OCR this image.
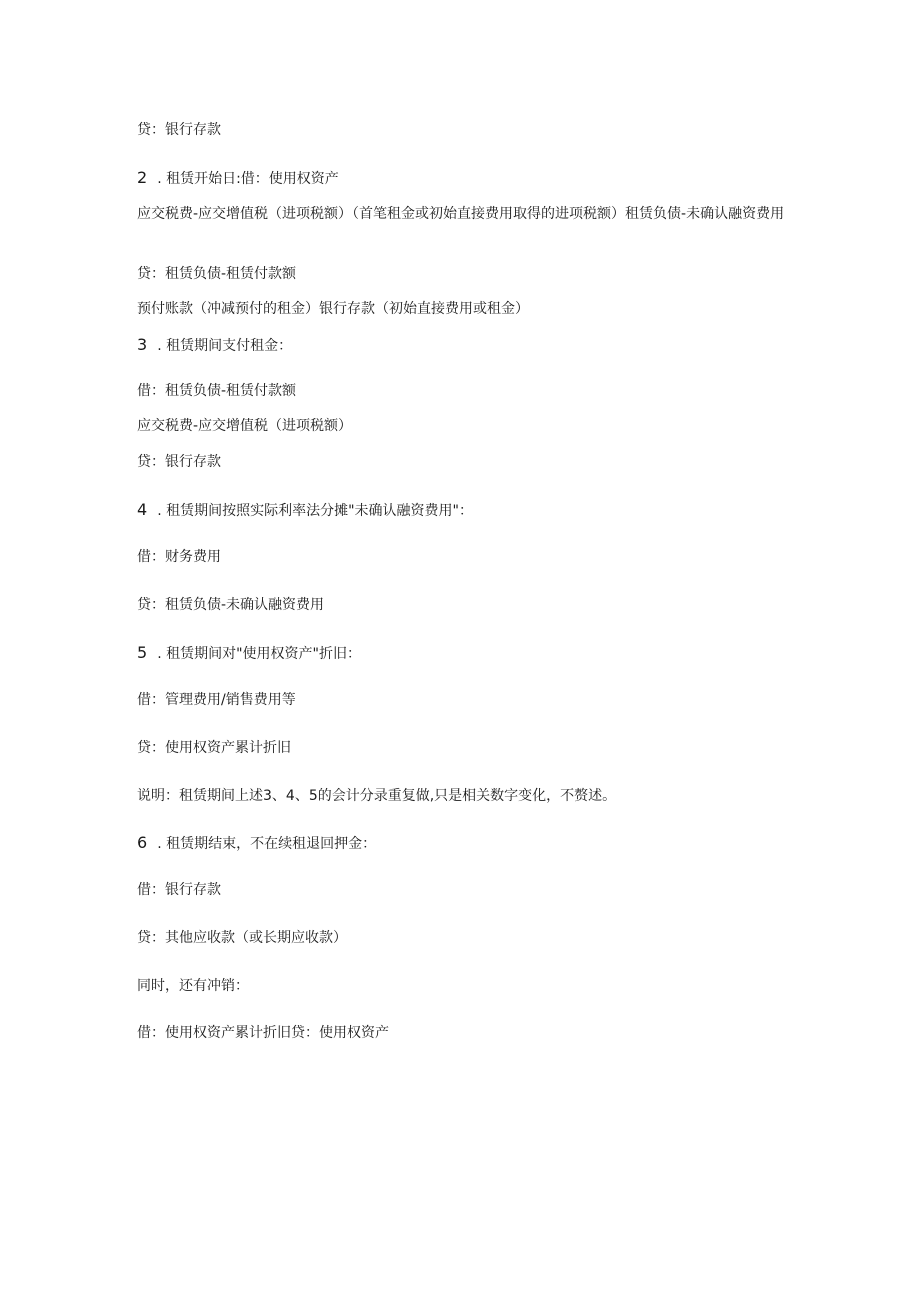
贷：银行存款
2 . 租赁开始日:借：使用权资产
应交税费-应交增值税（进项税额）（首笔租金或初始直接费用取得的进项税额）租赁负债-未确认融资费用
贷：租赁负债-租赁付款额
预付账款（冲减预付的租金）银行存款（初始直接费用或租金）
3 . 租赁期间支付租金：
借：租赁负债-租赁付款额
应交税费-应交增值税（进项税额）
贷：银行存款
4 . 租赁期间按照实际利率法分摊"未确认融资费用"：
借：财务费用
贷：租赁负债-未确认融资费用
5 . 租赁期间对"使用权资产"折旧：
借：管理费用/销售费用等
贷：使用权资产累计折旧
说明：租赁期间上述3、4、5的会计分录重复做,只是相关数字变化，不赘述。
6 . 租赁期结束，不在续租退回押金：
借：银行存款
贷：其他应收款（或长期应收款）
同时，还有冲销：
借：使用权资产累计折旧贷：使用权资产
